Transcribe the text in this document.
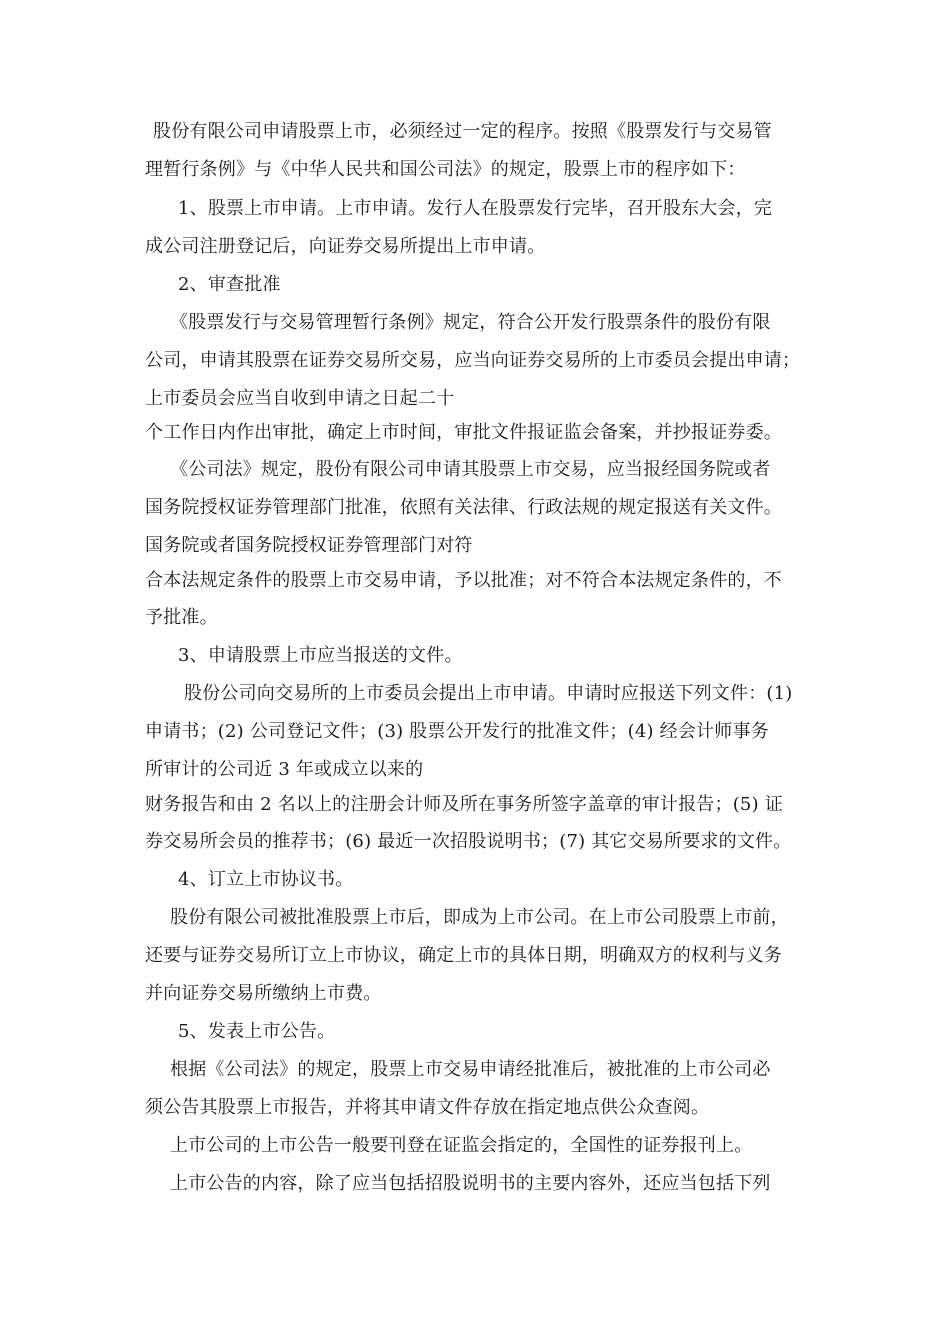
股份有限公司申请股票上市，必须经过一定的程序。按照《股票发行与交易管
理暂行条例》与《中华人民共和国公司法》的规定，股票上市的程序如下：
1、股票上市申请。上市申请。发行人在股票发行完毕，召开股东大会，完
成公司注册登记后，向证券交易所提出上市申请。
2、审查批准
《股票发行与交易管理暂行条例》规定，符合公开发行股票条件的股份有限
公司，申请其股票在证券交易所交易，应当向证券交易所的上市委员会提出申请；
上市委员会应当自收到申请之日起二十
个工作日内作出审批，确定上市时间，审批文件报证监会备案，并抄报证券委。
《公司法》规定，股份有限公司申请其股票上市交易，应当报经国务院或者
国务院授权证券管理部门批准，依照有关法律、行政法规的规定报送有关文件。
国务院或者国务院授权证券管理部门对符
合本法规定条件的股票上市交易申请，予以批准；对不符合本法规定条件的，不
予批准。
3、申请股票上市应当报送的文件。
股份公司向交易所的上市委员会提出上市申请。申请时应报送下列文件：(1)
申请书；(2) 公司登记文件；(3) 股票公开发行的批准文件；(4) 经会计师事务
所审计的公司近 3 年或成立以来的
财务报告和由 2 名以上的注册会计师及所在事务所签字盖章的审计报告；(5) 证
券交易所会员的推荐书；(6) 最近一次招股说明书；(7) 其它交易所要求的文件。
4、订立上市协议书。
股份有限公司被批准股票上市后，即成为上市公司。在上市公司股票上市前，
还要与证券交易所订立上市协议，确定上市的具体日期，明确双方的权利与义务
并向证券交易所缴纳上市费。
5、发表上市公告。
根据《公司法》的规定，股票上市交易申请经批准后，被批准的上市公司必
须公告其股票上市报告，并将其申请文件存放在指定地点供公众查阅。
上市公司的上市公告一般要刊登在证监会指定的，全国性的证券报刊上。
上市公告的内容，除了应当包括招股说明书的主要内容外，还应当包括下列
